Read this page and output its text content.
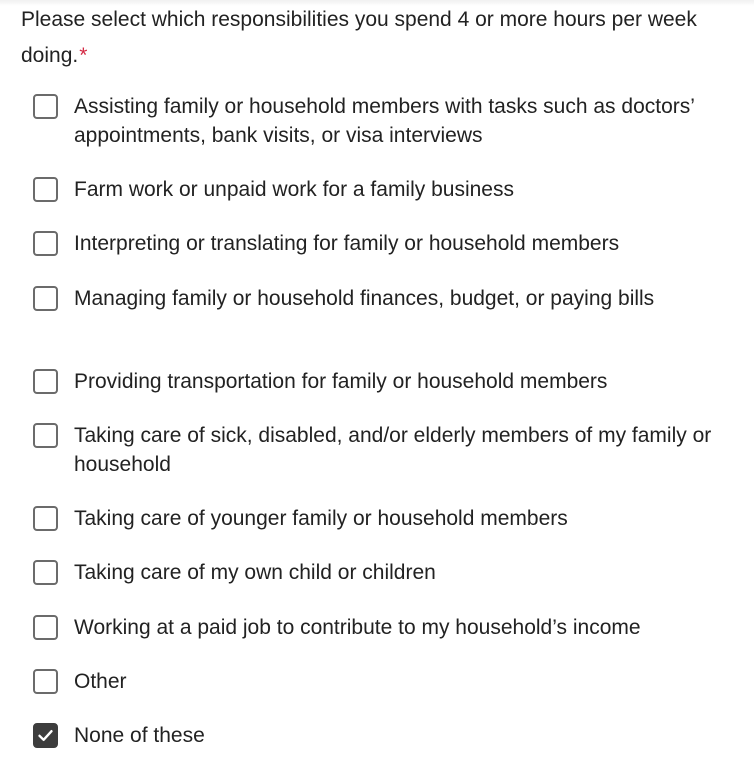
Please select which responsibilities you spend 4 or more hours per week doing.*
Assisting family or household members with tasks such as doctors’ appointments, bank visits, or visa interviews
Farm work or unpaid work for a family business
Interpreting or translating for family or household members
Managing family or household finances, budget, or paying bills
Providing transportation for family or household members
Taking care of sick, disabled, and/or elderly members of my family or household
Taking care of younger family or household members
Taking care of my own child or children
Working at a paid job to contribute to my household’s income
Other
None of these
